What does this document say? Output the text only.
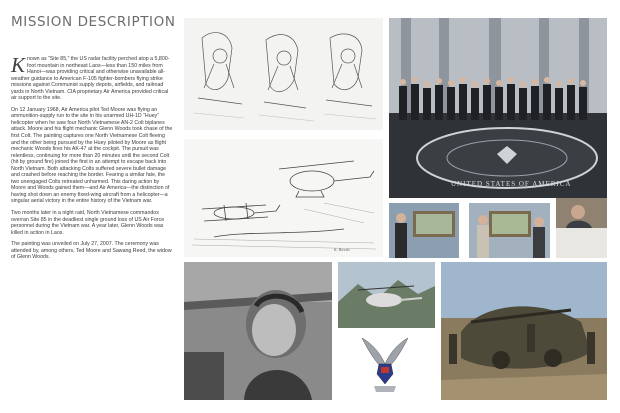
MISSION DESCRIPTION

Known as “Site 85,” the US radar facility perched atop a 5,800-foot mountain in northeast Laos—less than 150 miles from Hanoi—was providing critical and otherwise unavailable all-weather guidance to American F-105 fighter-bombers flying strike missions against Communist supply depots, airfields, and railroad yards in North Vietnam. CIA proprietary Air America provided critical air support to the site.

On 12 January 1968, Air America pilot Ted Moore was flying an ammunition-supply run to the site in his unarmed UH-1D “Huey” helicopter when he saw four North Vietnamese AN-2 Colt biplanes attack. Moore and his flight mechanic Glenn Woods took chase of the first Colt. The painting captures one North Vietnamese Colt fleeing and the other being pursued by the Huey piloted by Moore as flight mechanic Woods fires his AK-47 at the cockpit. The pursuit was relentless, continuing for more than 20 minutes until the second Colt (hit by ground fire) joined the first in an attempt to escape back into North Vietnam. Both attacking Colts suffered severe bullet damage and crashed before reaching the border. Fearing a similar fate, the two unengaged Colts retreated unharmed. This daring action by Moore and Woods gained them—and Air America—the distinction of having shot down an enemy fixed-wing aircraft from a helicopter—a singular aerial victory in the entire history of the Vietnam war.

Two months later in a night raid, North Vietnamese commandos overran Site 85 in the deadliest single ground loss of US Air Force personnel during the Vietnam war. A year later, Glenn Woods was killed in action in Laos.

The painting was unveiled on July 27, 2007. The ceremony was attended by, among others, Ted Moore and Sawang Reed, the widow of Glenn Woods.

K. Brooks
UNITED STATES OF AMERICA
